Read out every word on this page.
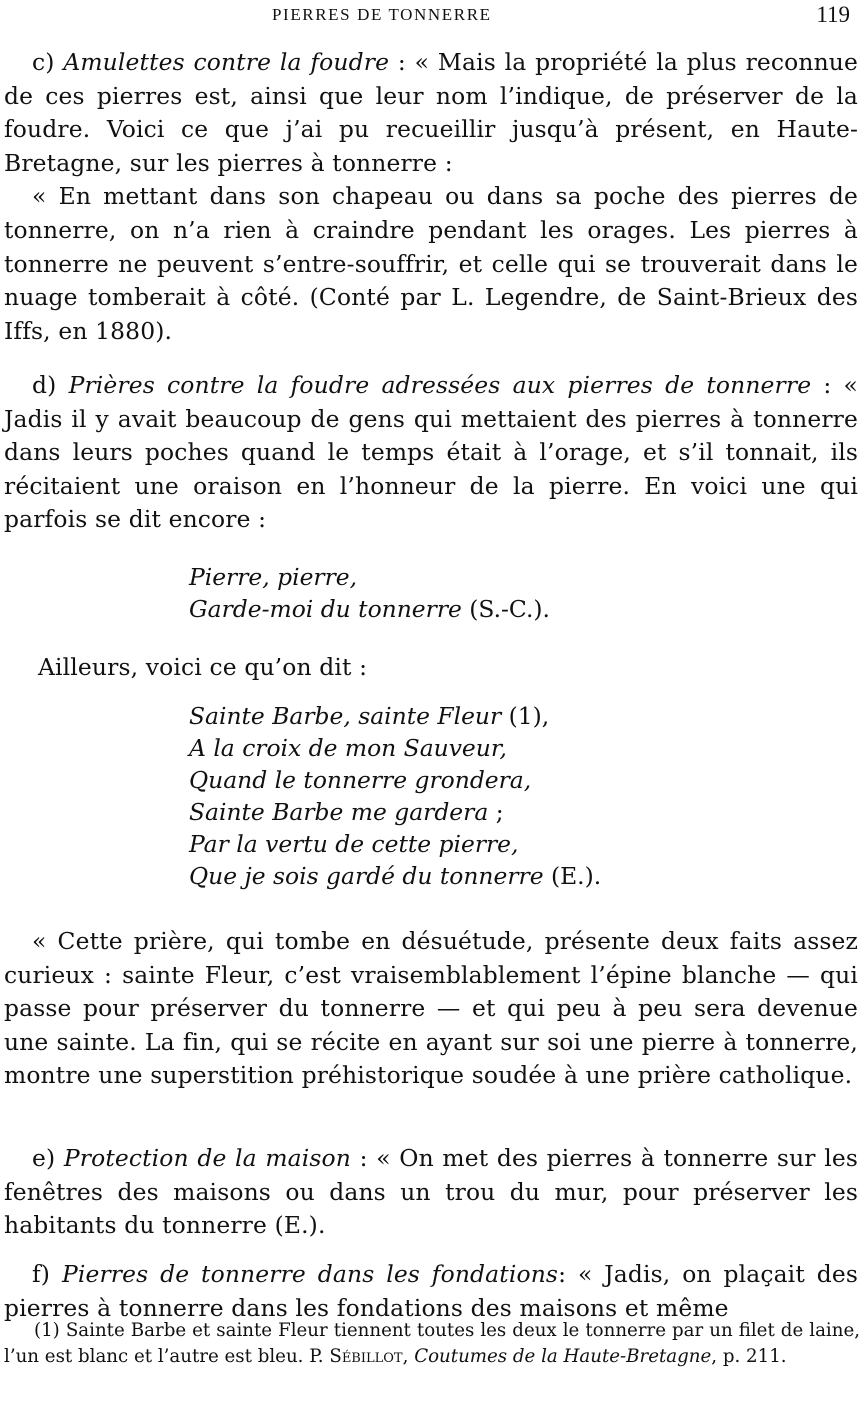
PIERRES DE TONNERRE	119

c) Amulettes contre la foudre : « Mais la propriété la plus reconnue de ces pierres est, ainsi que leur nom l’indique, de préserver de la foudre. Voici ce que j’ai pu recueillir jusqu’à présent, en Haute-Bretagne, sur les pierres à tonnerre :

« En mettant dans son chapeau ou dans sa poche des pierres de tonnerre, on n’a rien à craindre pendant les orages. Les pierres à tonnerre ne peuvent s’entre-souffrir, et celle qui se trouverait dans le nuage tomberait à côté. (Conté par L. Legendre, de Saint-Brieux des Iffs, en 1880).

d) Prières contre la foudre adressées aux pierres de tonnerre : « Jadis il y avait beaucoup de gens qui mettaient des pierres à tonnerre dans leurs poches quand le temps était à l’orage, et s’il tonnait, ils récitaient une oraison en l’honneur de la pierre. En voici une qui parfois se dit encore :

Pierre, pierre,
Garde-moi du tonnerre (S.-C.).

Ailleurs, voici ce qu’on dit :

Sainte Barbe, sainte Fleur (1),
A la croix de mon Sauveur,
Quand le tonnerre grondera,
Sainte Barbe me gardera ;
Par la vertu de cette pierre,
Que je sois gardé du tonnerre (E.).

« Cette prière, qui tombe en désuétude, présente deux faits assez curieux : sainte Fleur, c’est vraisemblablement l’épine blanche — qui passe pour préserver du tonnerre — et qui peu à peu sera devenue une sainte. La fin, qui se récite en ayant sur soi une pierre à tonnerre, montre une superstition préhistorique soudée à une prière catholique.

e) Protection de la maison : « On met des pierres à tonnerre sur les fenêtres des maisons ou dans un trou du mur, pour préserver les habitants du tonnerre (E.).

f) Pierres de tonnerre dans les fondations: « Jadis, on plaçait des pierres à tonnerre dans les fondations des maisons et même

(1) Sainte Barbe et sainte Fleur tiennent toutes les deux le tonnerre par un filet de laine, l’un est blanc et l’autre est bleu. P. Sébillot, Coutumes de la Haute-Bretagne, p. 211.
